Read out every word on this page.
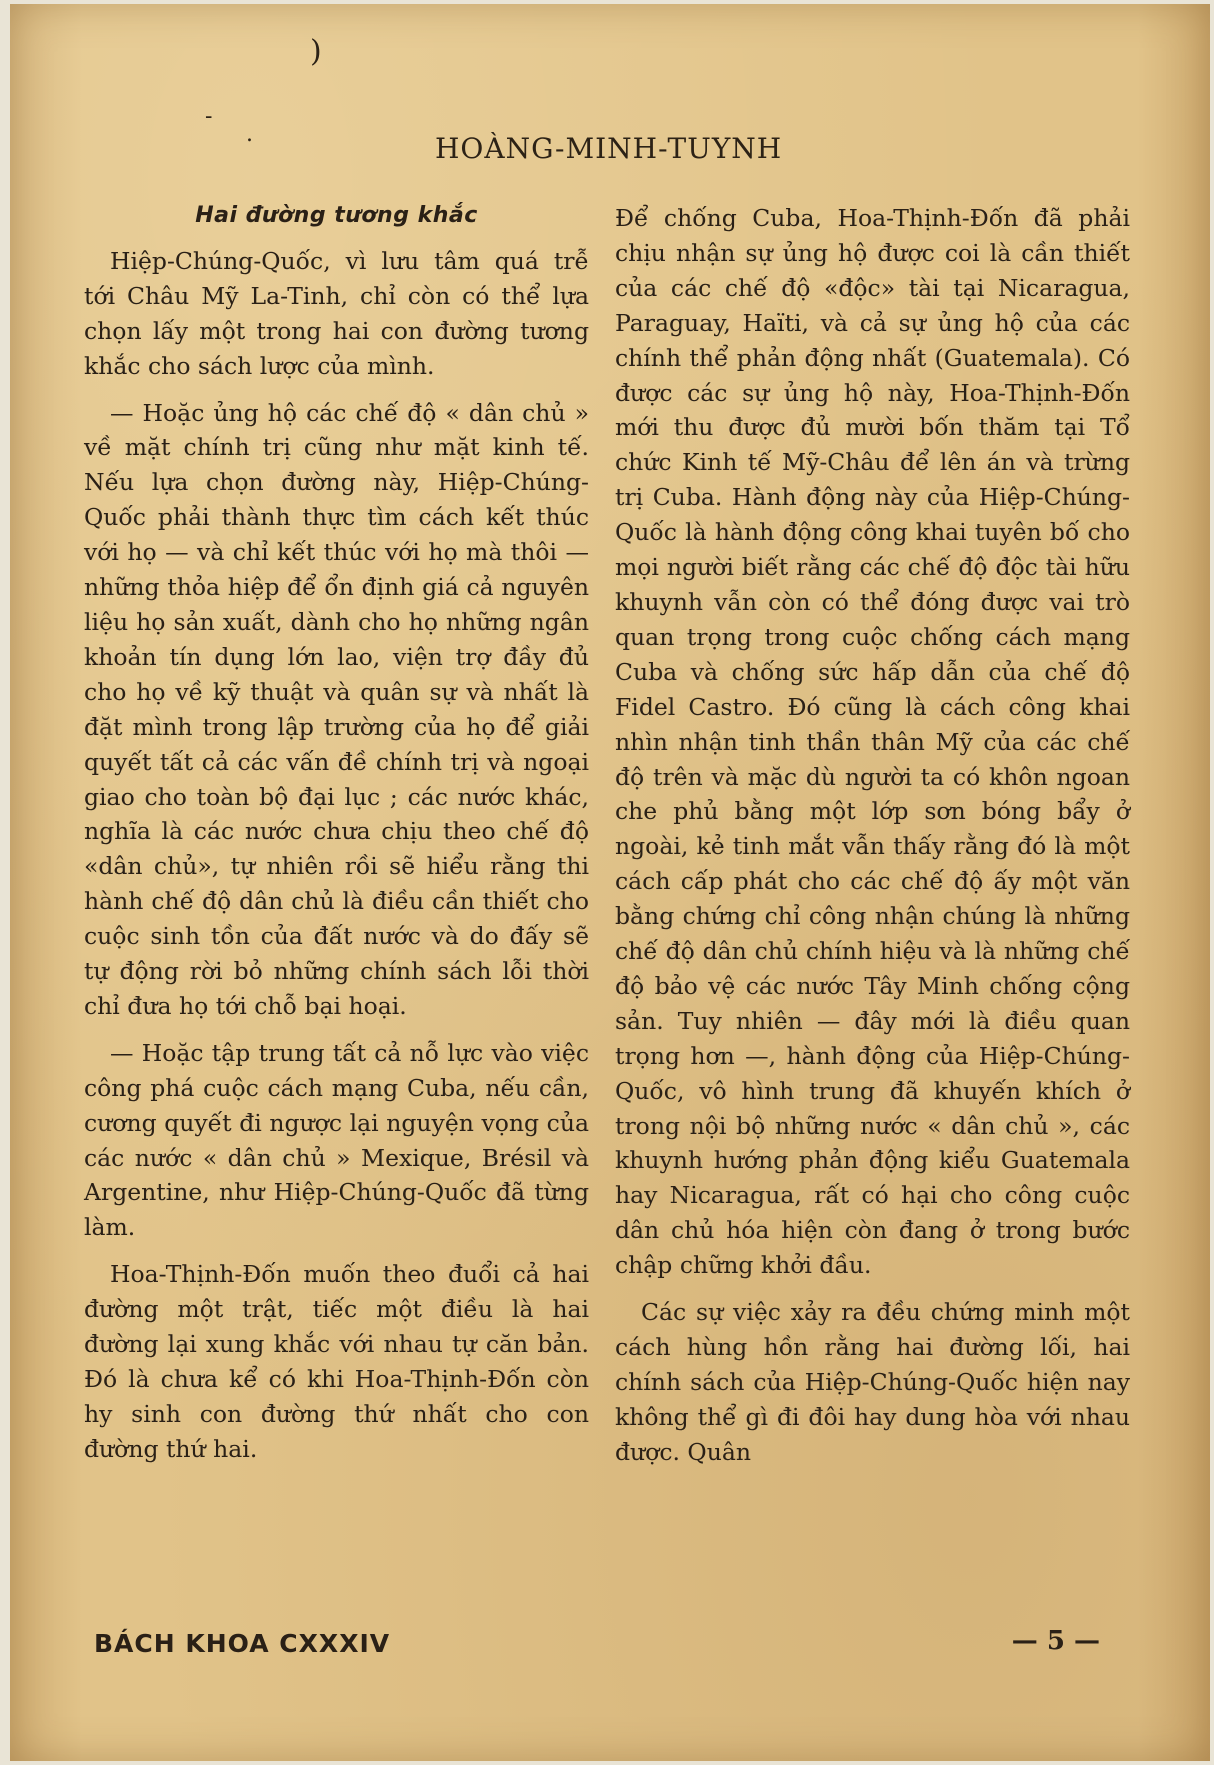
-
.
)
HOÀNG-MINH-TUYNH
Hai đường tương khắc

Hiệp-Chúng-Quốc, vì lưu tâm quá trễ tới Châu Mỹ La-Tinh, chỉ còn có thể lựa chọn lấy một trong hai con đường tương khắc cho sách lược của mình.

— Hoặc ủng hộ các chế độ « dân chủ » về mặt chính trị cũng như mặt kinh tế. Nếu lựa chọn đường này, Hiệp-Chúng-Quốc phải thành thực tìm cách kết thúc với họ — và chỉ kết thúc với họ mà thôi — những thỏa hiệp để ổn định giá cả nguyên liệu họ sản xuất, dành cho họ những ngân khoản tín dụng lớn lao, viện trợ đầy đủ cho họ về kỹ thuật và quân sự và nhất là đặt mình trong lập trường của họ để giải quyết tất cả các vấn đề chính trị và ngoại giao cho toàn bộ đại lục ; các nước khác, nghĩa là các nước chưa chịu theo chế độ «dân chủ», tự nhiên rồi sẽ hiểu rằng thi hành chế độ dân chủ là điều cần thiết cho cuộc sinh tồn của đất nước và do đấy sẽ tự động rời bỏ những chính sách lỗi thời chỉ đưa họ tới chỗ bại hoại.

— Hoặc tập trung tất cả nỗ lực vào việc công phá cuộc cách mạng Cuba, nếu cần, cương quyết đi ngược lại nguyện vọng của các nước « dân chủ » Mexique, Brésil và Argentine, như Hiệp-Chúng-Quốc đã từng làm.

Hoa-Thịnh-Đốn muốn theo đuổi cả hai đường một trật, tiếc một điều là hai đường lại xung khắc với nhau tự căn bản. Đó là chưa kể có khi Hoa-Thịnh-Đốn còn hy sinh con đường thứ nhất cho con đường thứ hai.

Để chống Cuba, Hoa-Thịnh-Đốn đã phải chịu nhận sự ủng hộ được coi là cần thiết của các chế độ «độc» tài tại Nicaragua, Paraguay, Haïti, và cả sự ủng hộ của các chính thể phản động nhất (Guatemala). Có được các sự ủng hộ này, Hoa-Thịnh-Đốn mới thu được đủ mười bốn thăm tại Tổ chức Kinh tế Mỹ-Châu để lên án và trừng trị Cuba. Hành động này của Hiệp-Chúng-Quốc là hành động công khai tuyên bố cho mọi người biết rằng các chế độ độc tài hữu khuynh vẫn còn có thể đóng được vai trò quan trọng trong cuộc chống cách mạng Cuba và chống sức hấp dẫn của chế độ Fidel Castro. Đó cũng là cách công khai nhìn nhận tinh thần thân Mỹ của các chế độ trên và mặc dù người ta có khôn ngoan che phủ bằng một lớp sơn bóng bẩy ở ngoài, kẻ tinh mắt vẫn thấy rằng đó là một cách cấp phát cho các chế độ ấy một văn bằng chứng chỉ công nhận chúng là những chế độ dân chủ chính hiệu và là những chế độ bảo vệ các nước Tây Minh chống cộng sản. Tuy nhiên — đây mới là điều quan trọng hơn —, hành động của Hiệp-Chúng-Quốc, vô hình trung đã khuyến khích ở trong nội bộ những nước « dân chủ », các khuynh hướng phản động kiểu Guatemala hay Nicaragua, rất có hại cho công cuộc dân chủ hóa hiện còn đang ở trong bước chập chững khởi đầu.

Các sự việc xảy ra đều chứng minh một cách hùng hồn rằng hai đường lối, hai chính sách của Hiệp-Chúng-Quốc hiện nay không thể gì đi đôi hay dung hòa với nhau được. Quân

BÁCH KHOA CXXXIV	— 5 —
